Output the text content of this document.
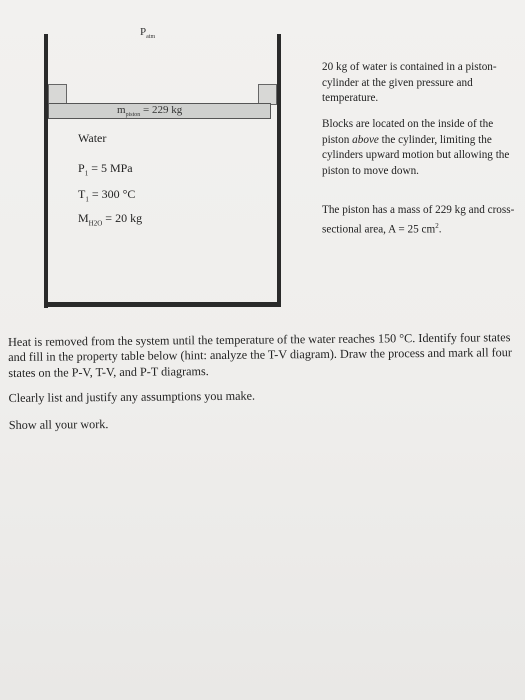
$P_{atm}$
$m_{piston} = 229$ kg
Water
$P_1 = 5$ MPa
$T_1 = 300$ °C
$M_{H2O} = 20$ kg
20 kg of water is contained in a piston-cylinder at the given pressure and temperature.
Blocks are located on the inside of the piston above the cylinder, limiting the cylinders upward motion but allowing the piston to move down.
The piston has a mass of 229 kg and cross-sectional area, A = 25 $cm^2$.

Heat is removed from the system until the temperature of the water reaches 150 °C. Identify four states and fill in the property table below (hint: analyze the T-V diagram). Draw the process and mark all four states on the P-V, T-V, and P-T diagrams.

Clearly list and justify any assumptions you make.

Show all your work.
